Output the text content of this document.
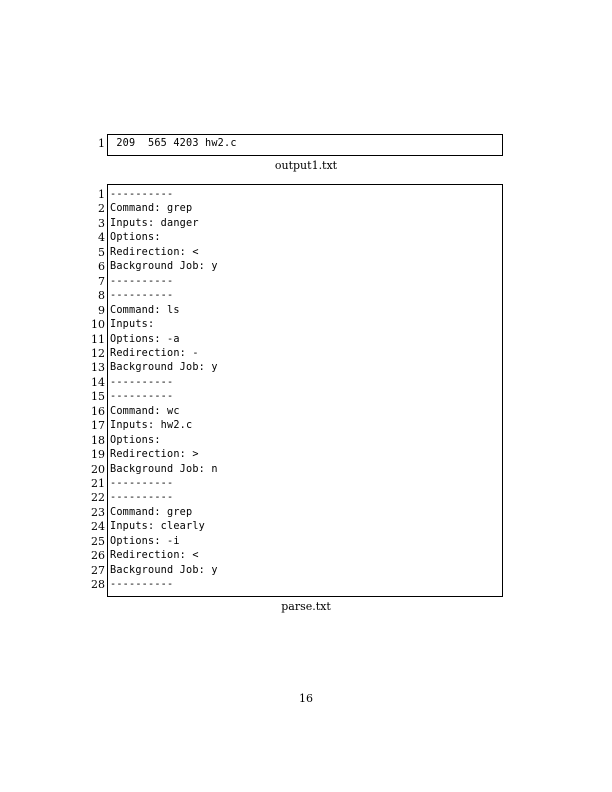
1 209  565 4203 hw2.c
output1.txt
1 ----------
2 Command: grep
3 Inputs: danger
4 Options:
5 Redirection: <
6 Background Job: y
7 ----------
8 ----------
9 Command: ls
10 Inputs:
11 Options: -a
12 Redirection: -
13 Background Job: y
14 ----------
15 ----------
16 Command: wc
17 Inputs: hw2.c
18 Options:
19 Redirection: >
20 Background Job: n
21 ----------
22 ----------
23 Command: grep
24 Inputs: clearly
25 Options: -i
26 Redirection: <
27 Background Job: y
28 ----------
parse.txt
16
